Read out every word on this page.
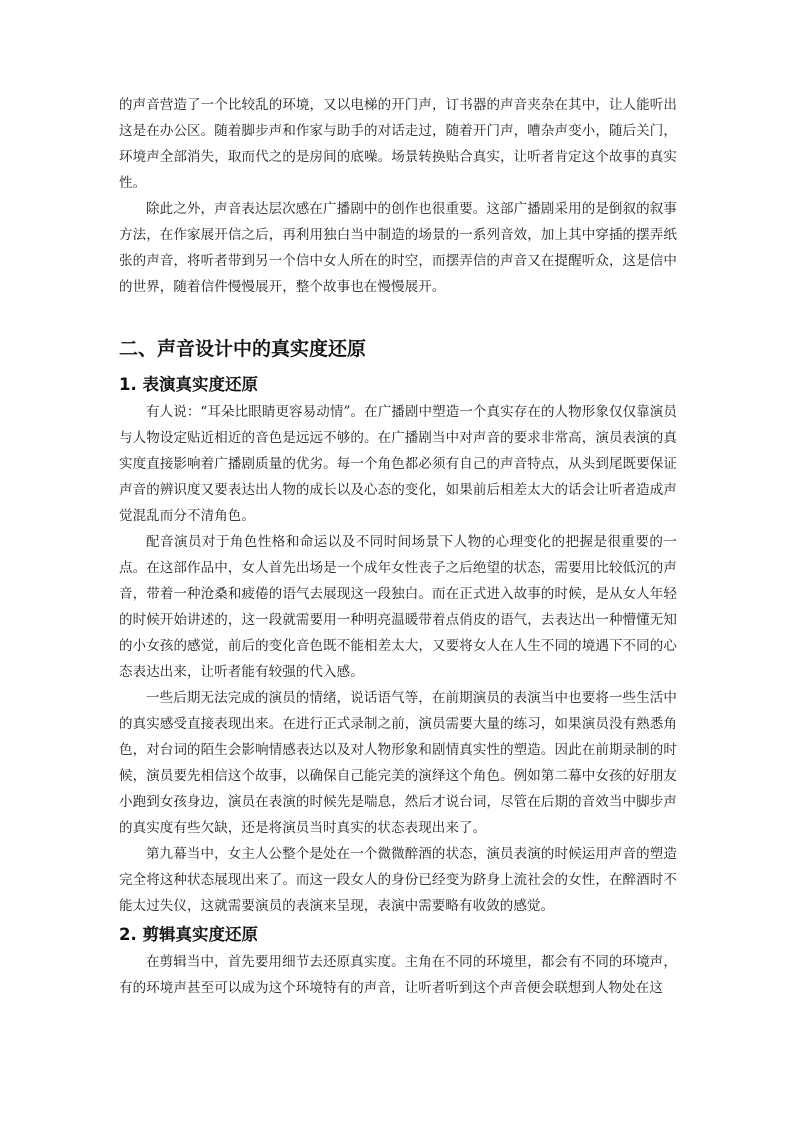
的声音营造了一个比较乱的环境，又以电梯的开门声，订书器的声音夹杂在其中，让人能听出这是在办公区。随着脚步声和作家与助手的对话走过，随着开门声，嘈杂声变小，随后关门，环境声全部消失，取而代之的是房间的底噪。场景转换贴合真实，让听者肯定这个故事的真实性。

除此之外，声音表达层次感在广播剧中的创作也很重要。这部广播剧采用的是倒叙的叙事方法，在作家展开信之后，再利用独白当中制造的场景的一系列音效，加上其中穿插的摆弄纸张的声音，将听者带到另一个信中女人所在的时空，而摆弄信的声音又在提醒听众，这是信中的世界，随着信件慢慢展开，整个故事也在慢慢展开。

二、声音设计中的真实度还原
1. 表演真实度还原

有人说：“耳朵比眼睛更容易动情”。在广播剧中塑造一个真实存在的人物形象仅仅靠演员与人物设定贴近相近的音色是远远不够的。在广播剧当中对声音的要求非常高，演员表演的真实度直接影响着广播剧质量的优劣。每一个角色都必须有自己的声音特点，从头到尾既要保证声音的辨识度又要表达出人物的成长以及心态的变化，如果前后相差太大的话会让听者造成声觉混乱而分不清角色。

配音演员对于角色性格和命运以及不同时间场景下人物的心理变化的把握是很重要的一点。在这部作品中，女人首先出场是一个成年女性丧子之后绝望的状态，需要用比较低沉的声音，带着一种沧桑和疲倦的语气去展现这一段独白。而在正式进入故事的时候，是从女人年轻的时候开始讲述的，这一段就需要用一种明亮温暖带着点俏皮的语气，去表达出一种懵懂无知的小女孩的感觉，前后的变化音色既不能相差太大，又要将女人在人生不同的境遇下不同的心态表达出来，让听者能有较强的代入感。

一些后期无法完成的演员的情绪，说话语气等，在前期演员的表演当中也要将一些生活中的真实感受直接表现出来。在进行正式录制之前，演员需要大量的练习，如果演员没有熟悉角色，对台词的陌生会影响情感表达以及对人物形象和剧情真实性的塑造。因此在前期录制的时候，演员要先相信这个故事，以确保自己能完美的演绎这个角色。例如第二幕中女孩的好朋友小跑到女孩身边，演员在表演的时候先是喘息，然后才说台词，尽管在后期的音效当中脚步声的真实度有些欠缺，还是将演员当时真实的状态表现出来了。

第九幕当中，女主人公整个是处在一个微微醉酒的状态，演员表演的时候运用声音的塑造完全将这种状态展现出来了。而这一段女人的身份已经变为跻身上流社会的女性，在醉酒时不能太过失仪，这就需要演员的表演来呈现，表演中需要略有收敛的感觉。

2. 剪辑真实度还原

在剪辑当中，首先要用细节去还原真实度。主角在不同的环境里，都会有不同的环境声，有的环境声甚至可以成为这个环境特有的声音，让听者听到这个声音便会联想到人物处在这
